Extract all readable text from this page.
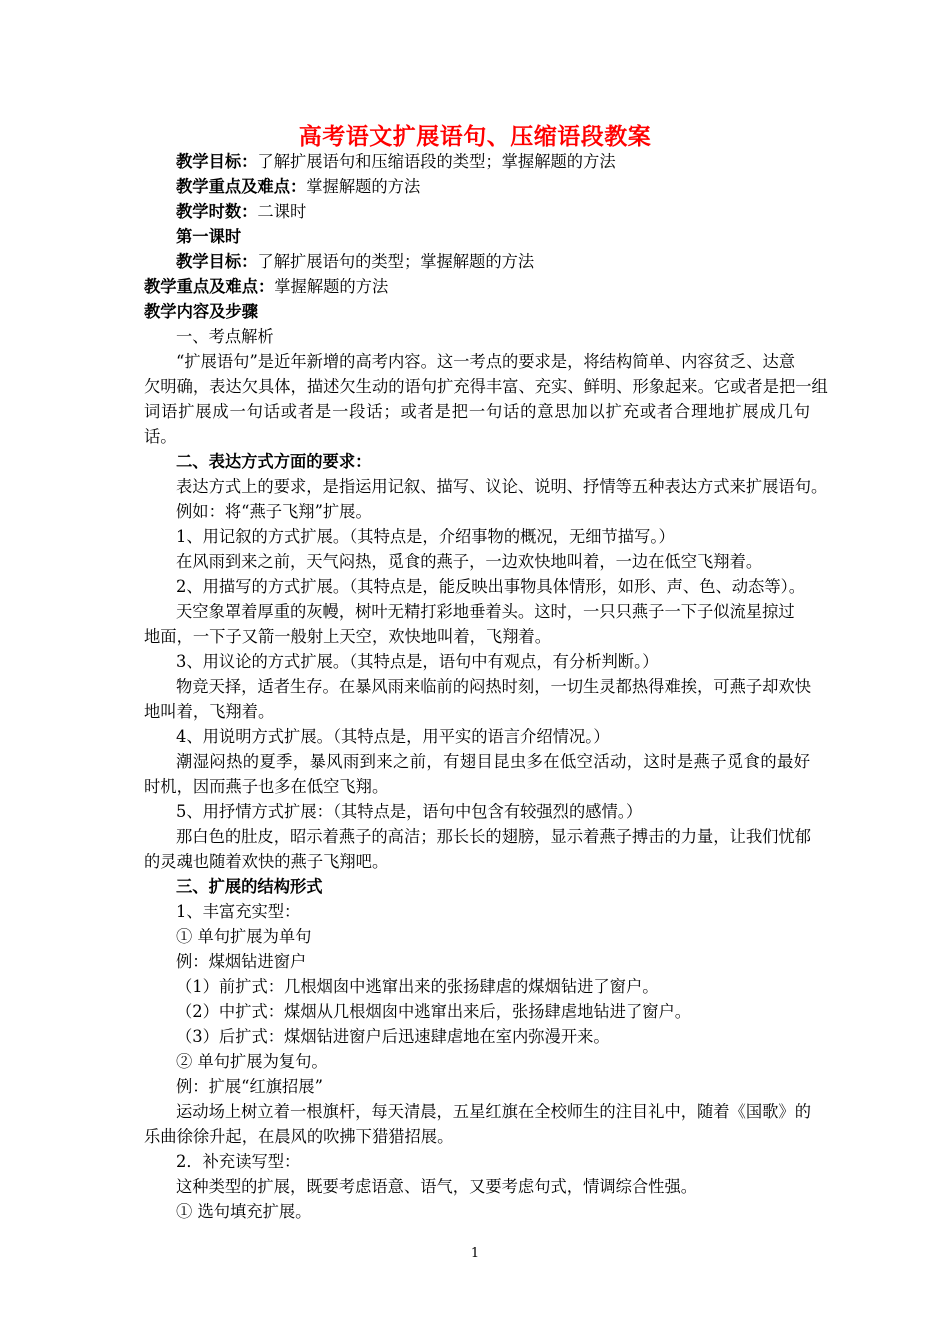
高考语文扩展语句、压缩语段教案
教学目标：了解扩展语句和压缩语段的类型；掌握解题的方法
教学重点及难点：掌握解题的方法
教学时数：二课时
第一课时
教学目标：了解扩展语句的类型；掌握解题的方法
教学重点及难点：掌握解题的方法
教学内容及步骤
一、考点解析
“扩展语句”是近年新增的高考内容。这一考点的要求是，将结构简单、内容贫乏、达意
欠明确，表达欠具体，描述欠生动的语句扩充得丰富、充实、鲜明、形象起来。它或者是把一组
词语扩展成一句话或者是一段话；或者是把一句话的意思加以扩充或者合理地扩展成几句
话。
二、表达方式方面的要求：
表达方式上的要求，是指运用记叙、描写、议论、说明、抒情等五种表达方式来扩展语句。
例如：将“燕子飞翔”扩展。
1、用记叙的方式扩展。（其特点是，介绍事物的概况，无细节描写。）
在风雨到来之前，天气闷热，觅食的燕子，一边欢快地叫着，一边在低空飞翔着。
2、用描写的方式扩展。（其特点是，能反映出事物具体情形，如形、声、色、动态等）。
天空象罩着厚重的灰幔，树叶无精打彩地垂着头。这时，一只只燕子一下子似流星掠过
地面，一下子又箭一般射上天空，欢快地叫着，飞翔着。
3、用议论的方式扩展。（其特点是，语句中有观点，有分析判断。）
物竞天择，适者生存。在暴风雨来临前的闷热时刻，一切生灵都热得难挨，可燕子却欢快
地叫着，飞翔着。
4、用说明方式扩展。（其特点是，用平实的语言介绍情况。）
潮湿闷热的夏季，暴风雨到来之前，有翅目昆虫多在低空活动，这时是燕子觅食的最好
时机，因而燕子也多在低空飞翔。
5、用抒情方式扩展：（其特点是，语句中包含有较强烈的感情。）
那白色的肚皮，昭示着燕子的高洁；那长长的翅膀，显示着燕子搏击的力量，让我们忧郁
的灵魂也随着欢快的燕子飞翔吧。
三、扩展的结构形式
1、丰富充实型：
① 单句扩展为单句
例：煤烟钻进窗户
（1）前扩式：几根烟囱中逃窜出来的张扬肆虐的煤烟钻进了窗户。
（2）中扩式：煤烟从几根烟囱中逃窜出来后，张扬肆虐地钻进了窗户。
（3）后扩式：煤烟钻进窗户后迅速肆虐地在室内弥漫开来。
② 单句扩展为复句。
例：扩展“红旗招展”
运动场上树立着一根旗杆，每天清晨，五星红旗在全校师生的注目礼中，随着《国歌》的
乐曲徐徐升起，在晨风的吹拂下猎猎招展。
2．补充读写型：
这种类型的扩展，既要考虑语意、语气，又要考虑句式，情调综合性强。
① 选句填充扩展。
1
